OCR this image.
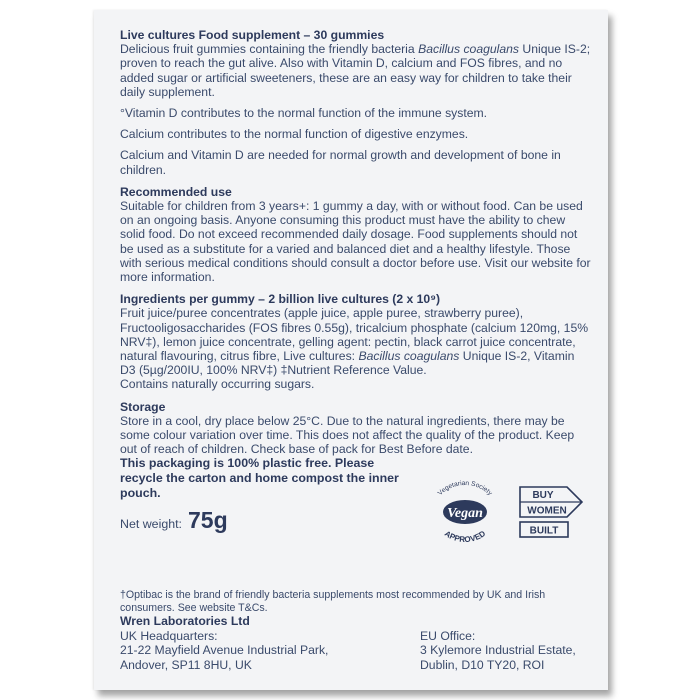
Live cultures Food supplement – 30 gummies

Delicious fruit gummies containing the friendly bacteria Bacillus coagulans Unique IS-2; proven to reach the gut alive. Also with Vitamin D, calcium and FOS fibres, and no added sugar or artificial sweeteners, these are an easy way for children to take their daily supplement.

°Vitamin D contributes to the normal function of the immune system.

Calcium contributes to the normal function of digestive enzymes.

Calcium and Vitamin D are needed for normal growth and development of bone in children.

Recommended use

Suitable for children from 3 years+: 1 gummy a day, with or without food. Can be used on an ongoing basis. Anyone consuming this product must have the ability to chew solid food. Do not exceed recommended daily dosage. Food supplements should not be used as a substitute for a varied and balanced diet and a healthy lifestyle. Those with serious medical conditions should consult a doctor before use. Visit our website for more information.

Ingredients per gummy – 2 billion live cultures (2 x 10⁹)

Fruit juice/puree concentrates (apple juice, apple puree, strawberry puree), Fructooligosaccharides (FOS fibres 0.55g), tricalcium phosphate (calcium 120mg, 15% NRV‡), lemon juice concentrate, gelling agent: pectin, black carrot juice concentrate, natural flavouring, citrus fibre, Live cultures: Bacillus coagulans Unique IS-2, Vitamin D3 (5µg/200IU, 100% NRV‡) ‡Nutrient Reference Value.

Contains naturally occurring sugars.

Storage

Store in a cool, dry place below 25°C. Due to the natural ingredients, there may be some colour variation over time. This does not affect the quality of the product. Keep out of reach of children. Check base of pack for Best Before date.

This packaging is 100% plastic free. Please recycle the carton and home compost the inner pouch.

Net weight: 75g
Vegetarian Society
Vegan
APPROVED
BUY
WOMEN
BUILT

†Optibac is the brand of friendly bacteria supplements most recommended by UK and Irish consumers. See website T&Cs.

Wren Laboratories Ltd
UK Headquarters:
21-22 Mayfield Avenue Industrial Park,
Andover, SP11 8HU, UK
EU Office:
3 Kylemore Industrial Estate,
Dublin, D10 TY20, ROI
